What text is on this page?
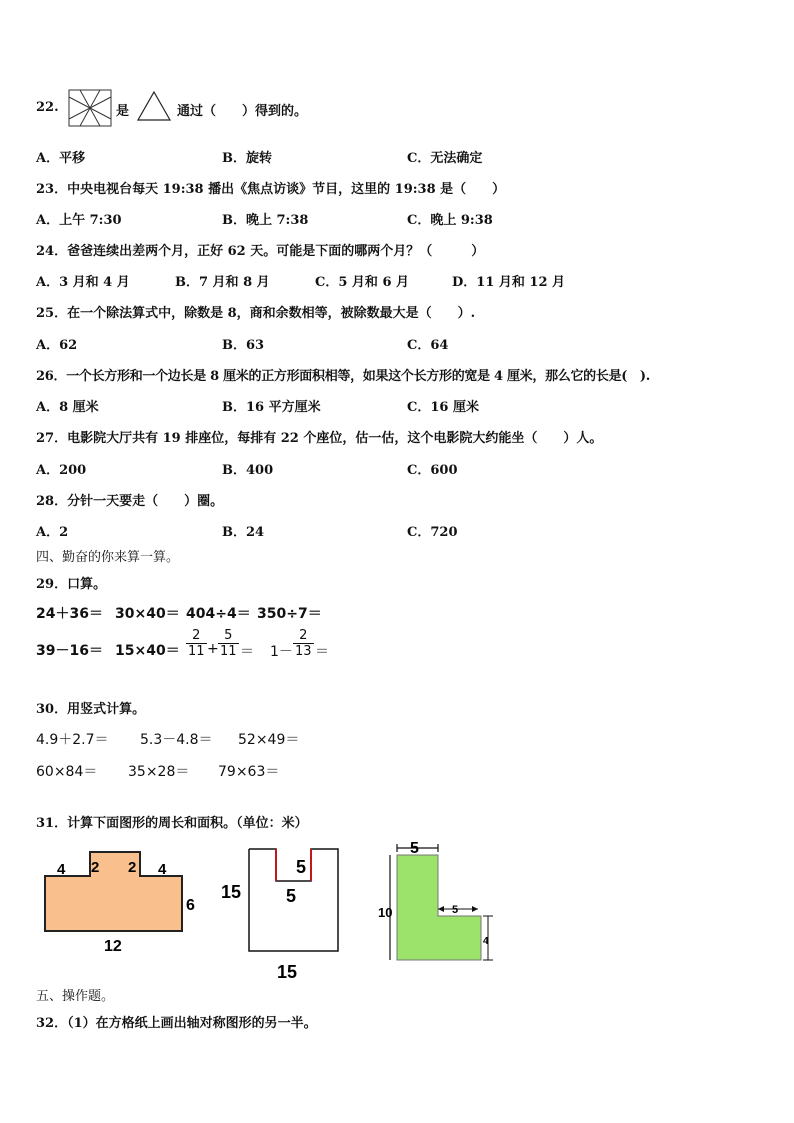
22.	是	通过（　　）得到的。
A．平移	B．旋转	C．无法确定
23．中央电视台每天 19:38 播出《焦点访谈》节目，这里的 19:38 是（　　）
A．上午 7:30	B．晚上 7:38	C．晚上 9:38
24．爸爸连续出差两个月，正好 62 天。可能是下面的哪两个月？（　　　）
A．3 月和 4 月	B．7 月和 8 月	C．5 月和 6 月	D．11 月和 12 月
25．在一个除法算式中，除数是 8，商和余数相等，被除数最大是（　　）.
A．62	B．63	C．64
26．一个长方形和一个边长是 8 厘米的正方形面积相等，如果这个长方形的宽是 4 厘米，那么它的长是(　).
A．8 厘米	B．16 平方厘米	C．16 厘米
27．电影院大厅共有 19 排座位，每排有 22 个座位，估一估，这个电影院大约能坐（　　）人。
A．200	B．400	C．600
28．分针一天要走（　　）圈。
A．2	B．24	C．720
四、勤奋的你来算一算。
29．口算。
24＋36＝ 30×40＝ 404÷4＝ 350÷7＝
$39-16= 15\times 40= \frac{2}{11} + \frac{5}{11} = 1- \frac{2}{13}$ ＝
30．用竖式计算。
4.9＋2.7＝ 5.3－4.8＝ 52×49＝
60×84＝ 35×28＝ 79×63＝
31．计算下面图形的周长和面积。（单位：米）
4 2 2 4
6
12
5
5
15
15
5
10	5
4
五、操作题。
32．（1）在方格纸上画出轴对称图形的另一半。
